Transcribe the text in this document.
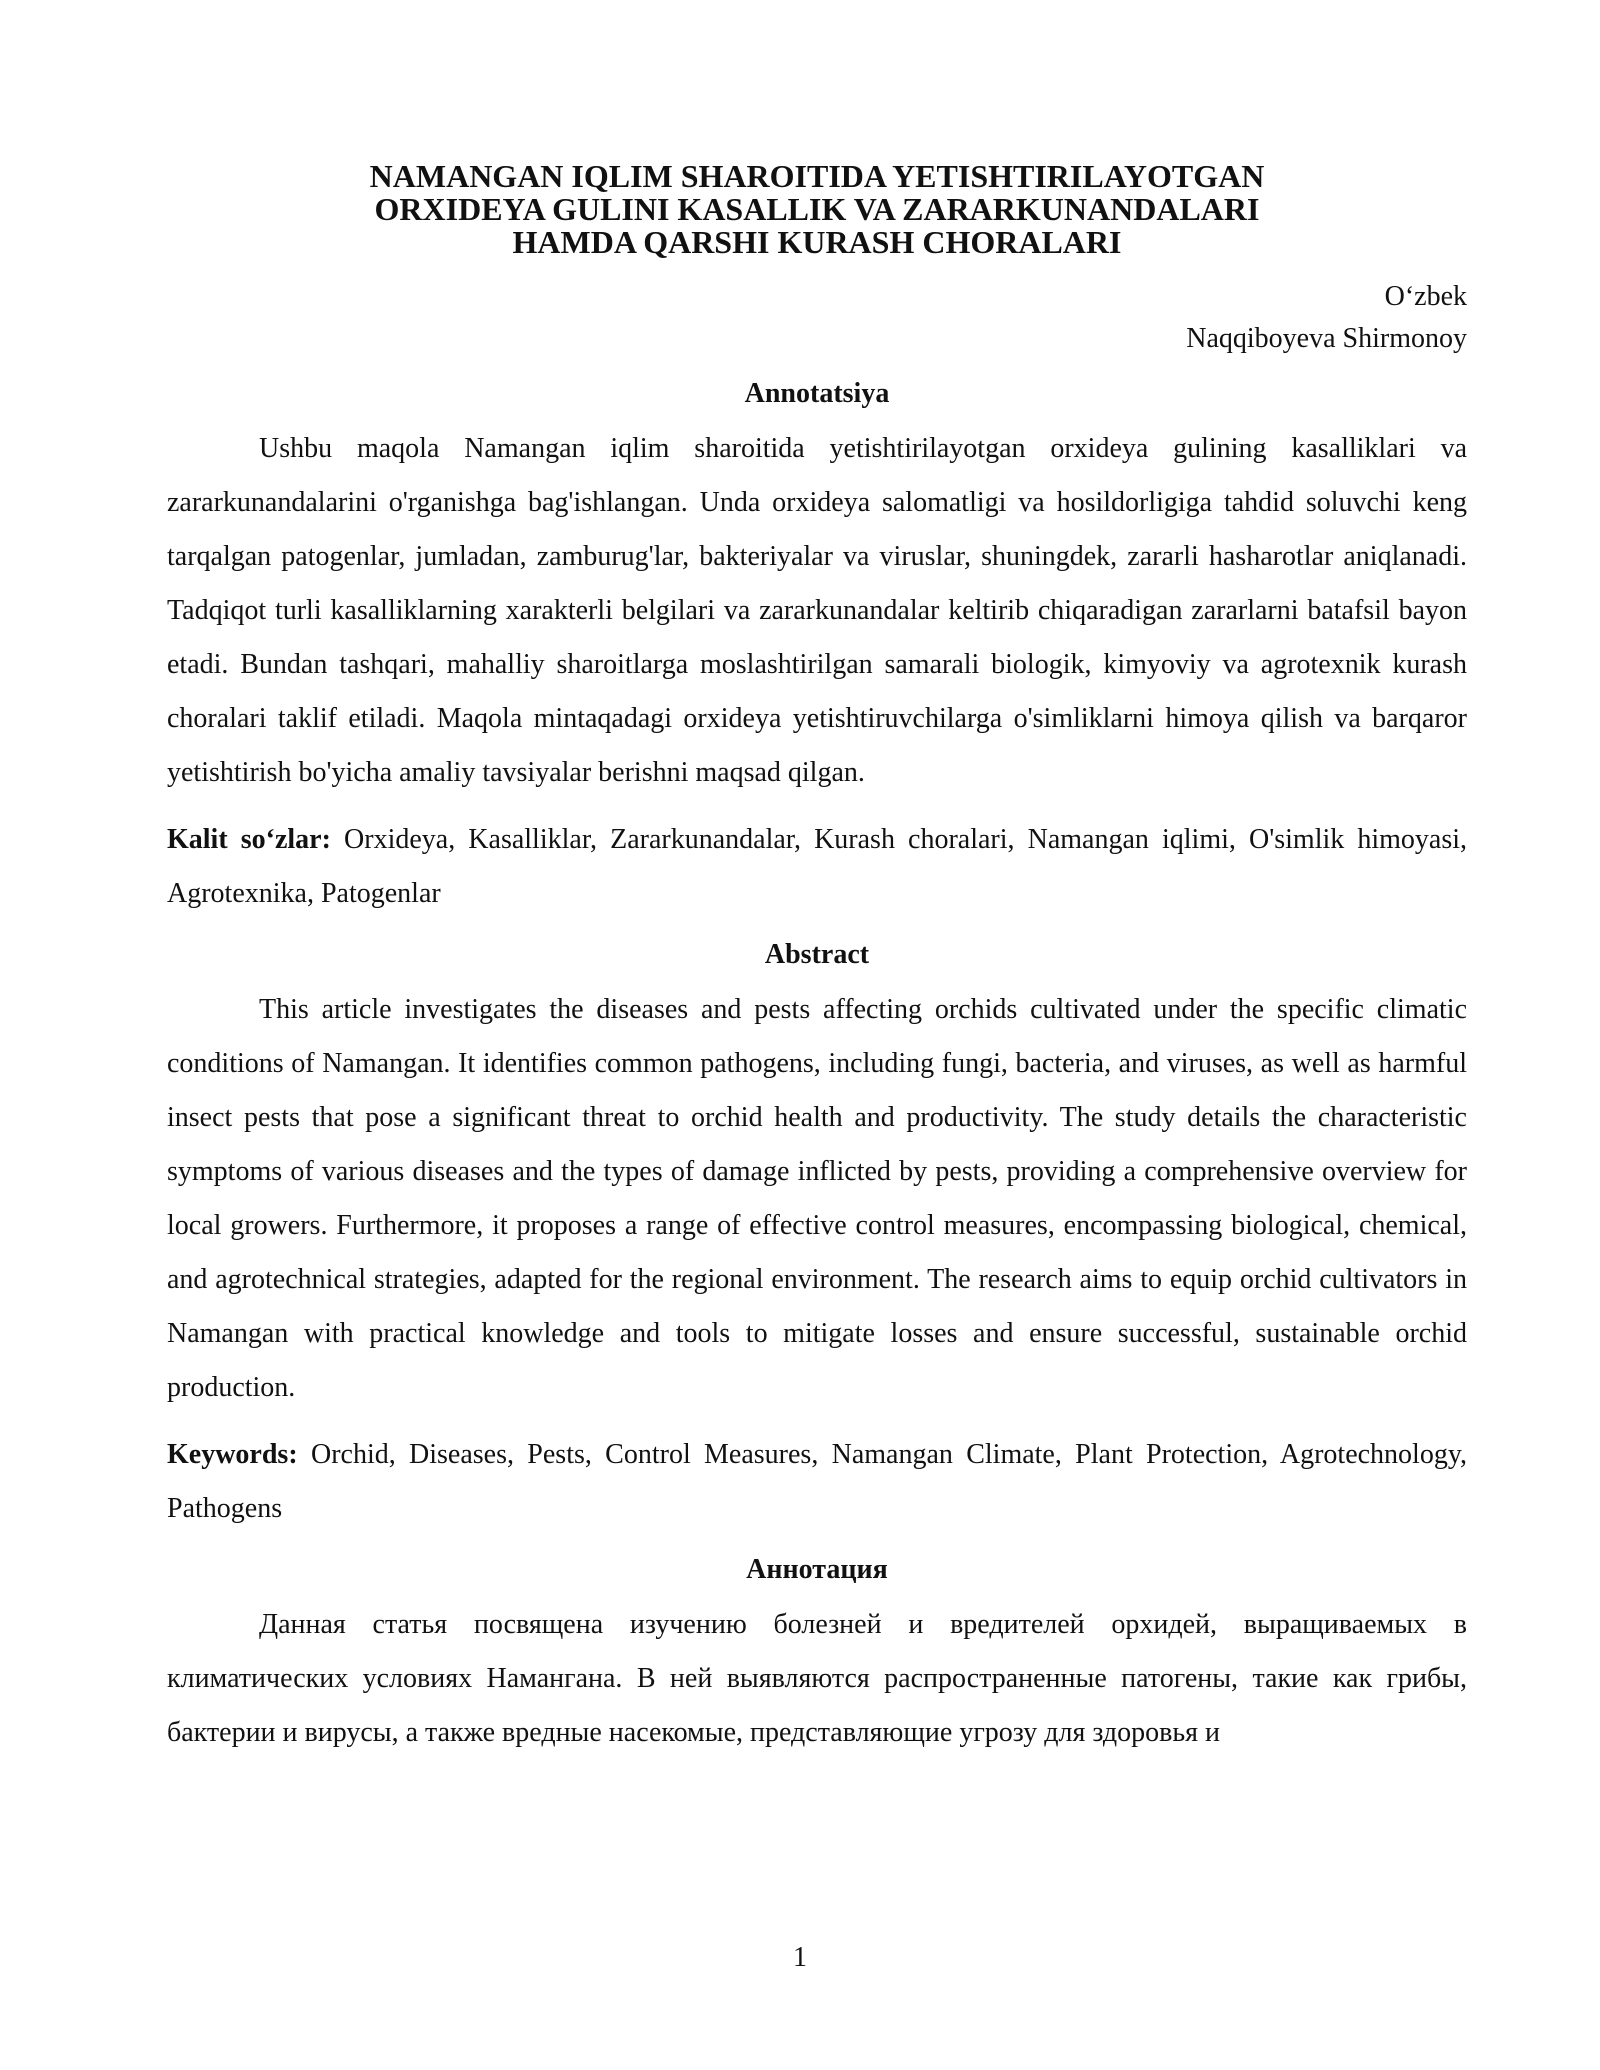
NAMANGAN IQLIM SHAROITIDA YETISHTIRILAYOTGAN
ORXIDEYA GULINI KASALLIK VA ZARARKUNANDALARI
HAMDA QARSHI KURASH CHORALARI
O‘zbek
Naqqiboyeva Shirmonoy
Annotatsiya

Ushbu maqola Namangan iqlim sharoitida yetishtirilayotgan orxideya gulining kasalliklari va zararkunandalarini o'rganishga bag'ishlangan. Unda orxideya salomatligi va hosildorligiga tahdid soluvchi keng tarqalgan patogenlar, jumladan, zamburug'lar, bakteriyalar va viruslar, shuningdek, zararli hasharotlar aniqlanadi. Tadqiqot turli kasalliklarning xarakterli belgilari va zararkunandalar keltirib chiqaradigan zararlarni batafsil bayon etadi. Bundan tashqari, mahalliy sharoitlarga moslashtirilgan samarali biologik, kimyoviy va agrotexnik kurash choralari taklif etiladi. Maqola mintaqadagi orxideya yetishtiruvchilarga o'simliklarni himoya qilish va barqaror yetishtirish bo'yicha amaliy tavsiyalar berishni maqsad qilgan.

Kalit so‘zlar: Orxideya, Kasalliklar, Zararkunandalar, Kurash choralari, Namangan iqlimi, O'simlik himoyasi, Agrotexnika, Patogenlar

Abstract

This article investigates the diseases and pests affecting orchids cultivated under the specific climatic conditions of Namangan. It identifies common pathogens, including fungi, bacteria, and viruses, as well as harmful insect pests that pose a significant threat to orchid health and productivity. The study details the characteristic symptoms of various diseases and the types of damage inflicted by pests, providing a comprehensive overview for local growers. Furthermore, it proposes a range of effective control measures, encompassing biological, chemical, and agrotechnical strategies, adapted for the regional environment. The research aims to equip orchid cultivators in Namangan with practical knowledge and tools to mitigate losses and ensure successful, sustainable orchid production.

Keywords: Orchid, Diseases, Pests, Control Measures, Namangan Climate, Plant Protection, Agrotechnology, Pathogens

Аннотация

Данная статья посвящена изучению болезней и вредителей орхидей, выращиваемых в климатических условиях Намангана. В ней выявляются распространенные патогены, такие как грибы, бактерии и вирусы, а также вредные насекомые, представляющие угрозу для здоровья и

1
